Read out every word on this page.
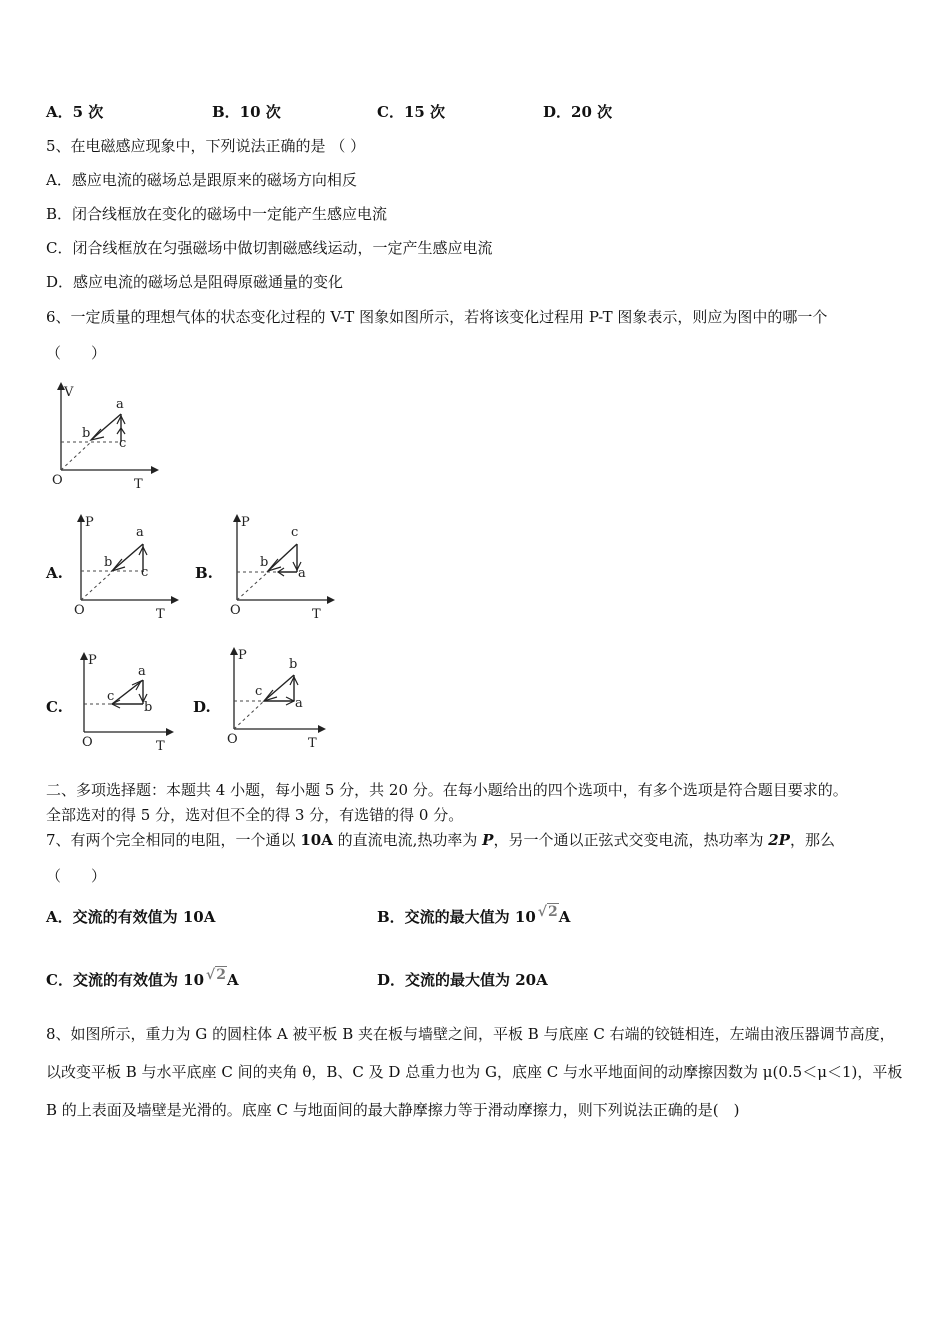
A．5 次	B．10 次	C．15 次	D．20 次
5、在电磁感应现象中，下列说法正确的是 （ ）
A．感应电流的磁场总是跟原来的磁场方向相反
B．闭合线框放在变化的磁场中一定能产生感应电流
C．闭合线框放在匀强磁场中做切割磁感线运动，一定产生感应电流
D．感应电流的磁场总是阻碍原磁通量的变化
6、一定质量的理想气体的状态变化过程的 V-T 图象如图所示，若将该变化过程用 P-T 图象表示，则应为图中的哪一个
（　　）
V
T
O
a
b
c
A.
P
T
O
a
b
c	B.
P
T
O
c
b
a
C.
P
T
O
a
c
b	D.
P
T
O
b
c
a
二、多项选择题：本题共 4 小题，每小题 5 分，共 20 分。在每小题给出的四个选项中，有多个选项是符合题目要求的。
全部选对的得 5 分，选对但不全的得 3 分，有选错的得 0 分。
7、有两个完全相同的电阻，一个通以 10A 的直流电流,热功率为 P，另一个通以正弦式交变电流，热功率为 2P，那么
（　　）
A．交流的有效值为 10A	B．交流的最大值为 10 √2A
C．交流的有效值为 10 √2A	D．交流的最大值为 20A
8、如图所示，重力为 G 的圆柱体 A 被平板 B 夹在板与墙壁之间，平板 B 与底座 C 右端的铰链相连，左端由液压器调节高度，以改变平板 B 与水平底座 C 间的夹角 θ，B、C 及 D 总重力也为 G，底座 C 与水平地面间的动摩擦因数为 μ(0.5＜μ＜1)，平板 B 的上表面及墙壁是光滑的。底座 C 与地面间的最大静摩擦力等于滑动摩擦力，则下列说法正确的是(　)
